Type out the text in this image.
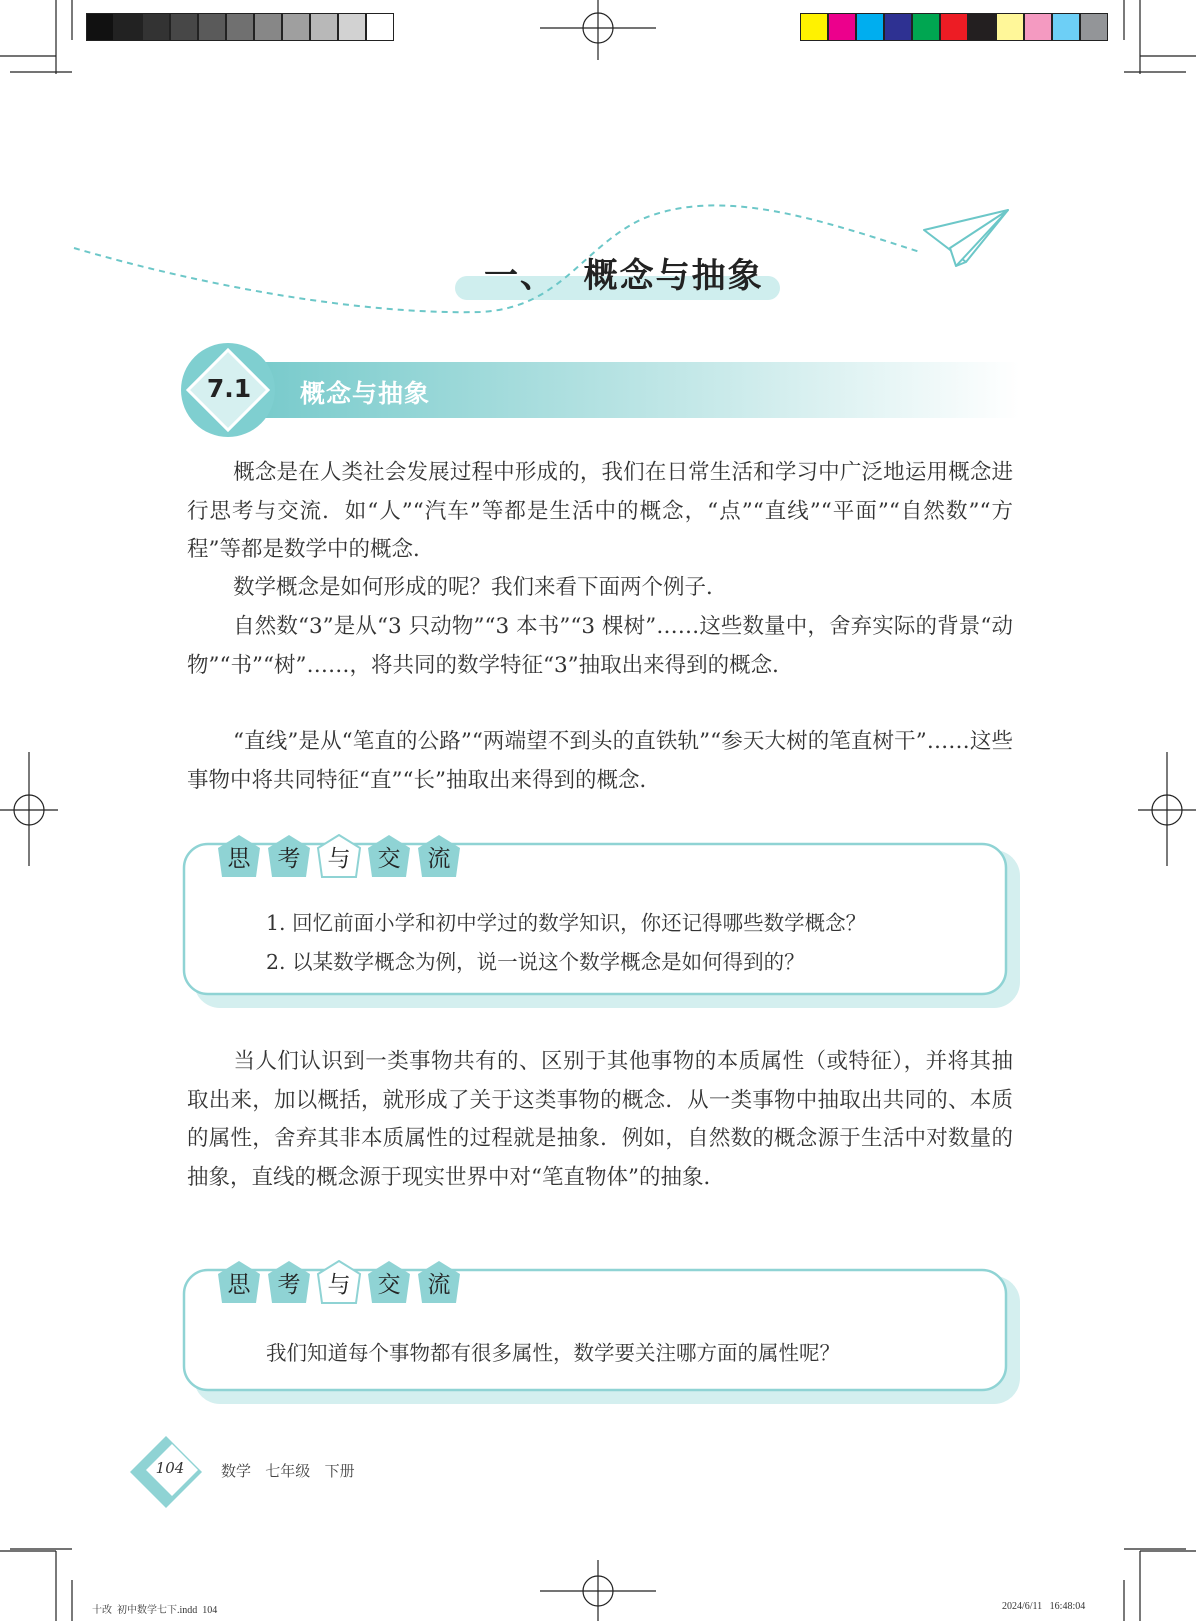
一、  概念与抽象
7.1 概念与抽象

概念是在人类社会发展过程中形成的，我们在日常生活和学习中广泛地运用概念进行思考与交流．如“人”“汽车”等都是生活中的概念，“点”“直线”“平面”“自然数”“方程”等都是数学中的概念．

数学概念是如何形成的呢？我们来看下面两个例子．

自然数“3”是从“3 只动物”“3 本书”“3 棵树”……这些数量中，舍弃实际的背景“动物”“书”“树”……，将共同的数学特征“3”抽取出来得到的概念．

“直线”是从“笔直的公路”“两端望不到头的直铁轨”“参天大树的笔直树干”……这些事物中将共同特征“直”“长”抽取出来得到的概念．

思	考	与	交	流
1. 回忆前面小学和初中学过的数学知识，你还记得哪些数学概念？
2. 以某数学概念为例，说一说这个数学概念是如何得到的？

当人们认识到一类事物共有的、区别于其他事物的本质属性（或特征），并将其抽取出来，加以概括，就形成了关于这类事物的概念．从一类事物中抽取出共同的、本质的属性，舍弃其非本质属性的过程就是抽象．例如，自然数的概念源于生活中对数量的抽象，直线的概念源于现实世界中对“笔直物体”的抽象．

思	考	与	交	流
我们知道每个事物都有很多属性，数学要关注哪方面的属性呢？
104	数学   七年级   下册
十改  初中数学七下.indd  104	2024/6/11   16:48:04
